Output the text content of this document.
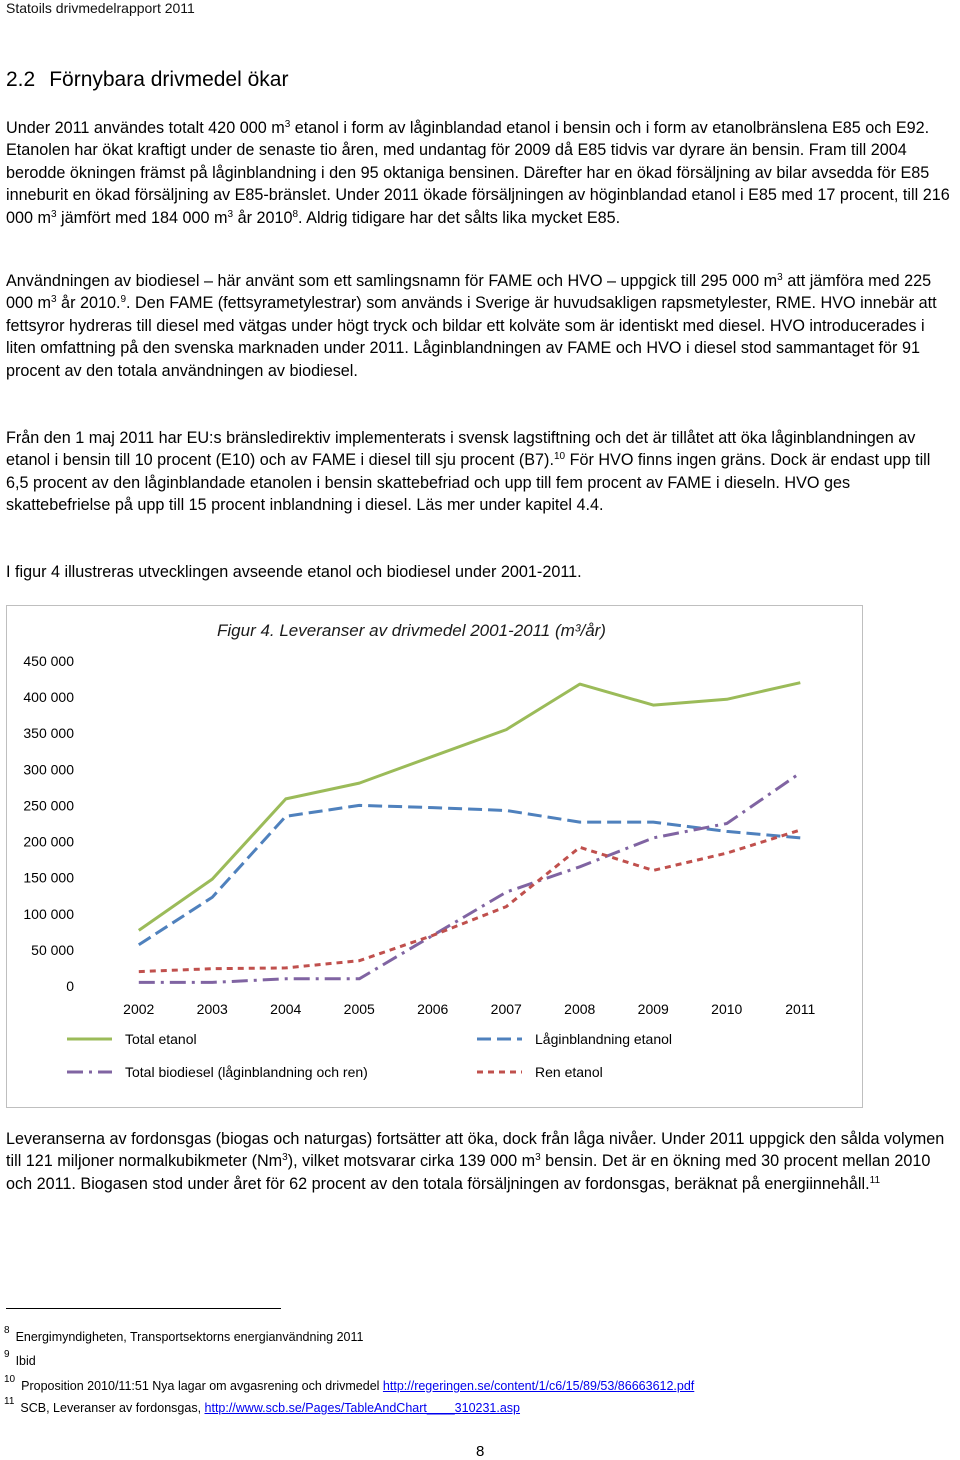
Statoils drivmedelrapport 2011
2.2 Förnybara drivmedel ökar

Under 2011 användes totalt 420 000 $m^3$ etanol i form av låginblandad etanol i bensin och i form av etanolbränslena E85 och E92. Etanolen har ökat kraftigt under de senaste tio åren, med undantag för 2009 då E85 tidvis var dyrare än bensin. Fram till 2004 berodde ökningen främst på låginblandning i den 95 oktaniga bensinen. Därefter har en ökad försäljning av bilar avsedda för E85 inneburit en ökad försäljning av E85-bränslet. Under 2011 ökade försäljningen av höginblandad etanol i E85 med 17 procent, till 216 000 $m^3$ jämfört med 184 000 $m^3$ år 2010$^8$. Aldrig tidigare har det sålts lika mycket E85.

Användningen av biodiesel – här använt som ett samlingsnamn för FAME och HVO – uppgick till 295 000 $m^3$ att jämföra med 225 000 $m^3$ år 2010.$^9$. Den FAME (fettsyrametylestrar) som används i Sverige är huvudsakligen rapsmetylester, RME. HVO innebär att fettsyror hydreras till diesel med vätgas under högt tryck och bildar ett kolväte som är identiskt med diesel. HVO introducerades i liten omfattning på den svenska marknaden under 2011. Låginblandningen av FAME och HVO i diesel stod sammantaget för 91 procent av den totala användningen av biodiesel.

Från den 1 maj 2011 har EU:s bränsledirektiv implementerats i svensk lagstiftning och det är tillåtet att öka låginblandningen av etanol i bensin till 10 procent (E10) och av FAME i diesel till sju procent (B7).$^{10}$ För HVO finns ingen gräns. Dock är endast upp till 6,5 procent av den låginblandade etanolen i bensin skattebefriad och upp till fem procent av FAME i dieseln. HVO ges skattebefrielse på upp till 15 procent inblandning i diesel. Läs mer under kapitel 4.4.

I figur 4 illustreras utvecklingen avseende etanol och biodiesel under 2001-2011.

Figur 4. Leveranser av drivmedel 2001-2011 (m³/år)
0
50 000
100 000
150 000
200 000
250 000
300 000
350 000
400 000
450 000
2002	2003	2004	2005	2006	2007	2008	2009	2010	2011
Total etanol	Låginblandning etanol
Total biodiesel (låginblandning och ren)	Ren etanol

Leveranserna av fordonsgas (biogas och naturgas) fortsätter att öka, dock från låga nivåer. Under 2011 uppgick den sålda volymen till 121 miljoner normalkubikmeter (Nm$^3$), vilket motsvarar cirka 139 000 $m^3$ bensin. Det är en ökning med 30 procent mellan 2010 och 2011. Biogasen stod under året för 62 procent av den totala försäljningen av fordonsgas, beräknat på energiinnehåll.$^{11}$

$^8$ Energimyndigheten, Transportsektorns energianvändning 2011
$^9$ Ibid
$^{10}$ Proposition 2010/11:51 Nya lagar om avgasrening och drivmedel http://regeringen.se/content/1/c6/15/89/53/86663612.pdf
$^{11}$ SCB, Leveranser av fordonsgas, http://www.scb.se/Pages/TableAndChart____310231.asp
8
